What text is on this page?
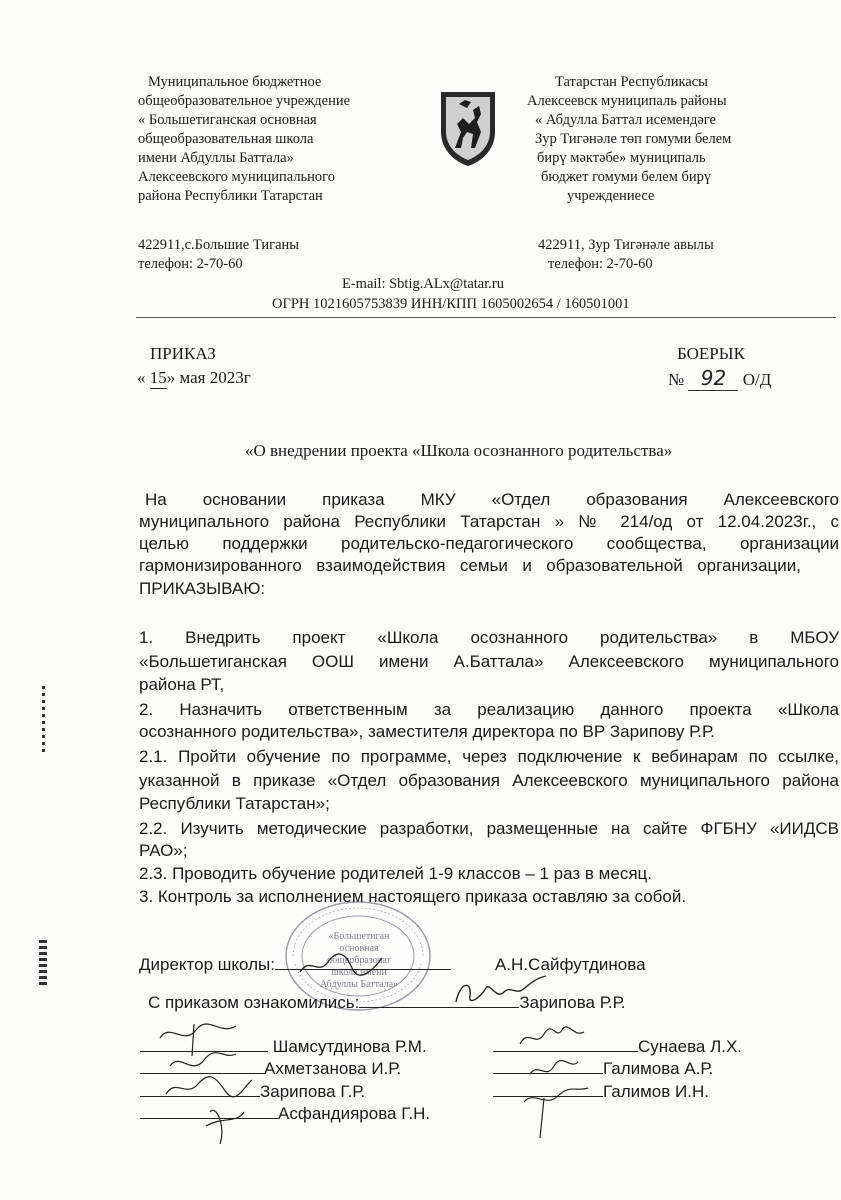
Муниципальное бюджетное
общеобразовательное учреждение
« Большетиганская основная
общеобразовательная школа
имени Абдуллы Баттала»
Алексеевского муниципального
района Республики Татарстан
Татарстан Республикасы
Алексеевск муниципаль районы
« Абдулла Баттал исемендәге
Зур Тигәнәле төп гомуми белем
бирү мәктәбе» муниципаль
бюджет гомуми белем бирү
учреждениесе
422911,с.Большие Тиганы
телефон: 2-70-60
422911, Зур Тигәнәле авылы
телефон: 2-70-60
E-mail: Sbtig.ALx@tatar.ru
ОГРН 1021605753839 ИНН/КПП 1605002654 / 160501001
ПРИКАЗ	БОЕРЫК
« 15» мая 2023г	№ 92 О/Д
«О внедрении проекта «Школа осознанного родительства»
На основании приказа МКУ «Отдел образования Алексеевского
муниципального района Республики Татарстан » № 214/од от 12.04.2023г., с
целью поддержки родительско-педагогического сообщества, организации
гармонизированного взаимодействия семьи и образовательной организации,
ПРИКАЗЫВАЮ:
1. Внедрить проект «Школа осознанного родительства» в МБОУ
«Большетиганская ООШ имени А.Баттала» Алексеевского муниципального
района РТ,
2. Назначить ответственным за реализацию данного проекта «Школа
осознанного родительства», заместителя директора по ВР Зарипову Р.Р.
2.1. Пройти обучение по программе, через подключение к вебинарам по ссылке,
указанной в приказе «Отдел образования Алексеевского муниципального района
Республики Татарстан»;
2.2. Изучить методические разработки, размещенные на сайте ФГБНУ «ИИДСВ
РАО»;
2.3. Проводить обучение родителей 1-9 классов – 1 раз в месяц.
3. Контроль за исполнением настоящего приказа оставляю за собой.
«Большетиган
основная
общеобразоват
школа имени
Абдуллы Баттала»
Директор школы:	А.Н.Сайфутдинова
С приказом ознакомились:	Зарипова Р.Р.
Шамсутдинова Р.М.
Ахметзанова И.Р.
Зарипова Г.Р.
Асфандиярова Г.Н.
Сунаева Л.Х.
Галимова А.Р.
Галимов И.Н.
